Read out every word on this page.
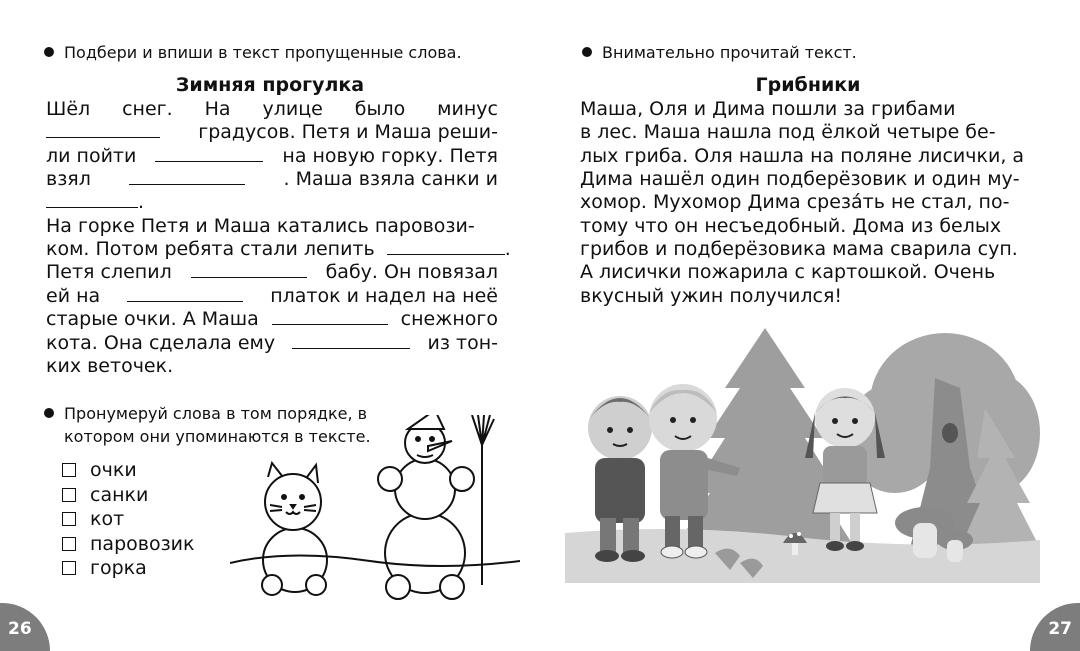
Подбери и впиши в текст пропущенные слова.
Зимняя прогулка
Шёл снег. На улице было минус
градусов. Петя и Маша реши-
ли пойти	на новую горку. Петя
взял	. Маша взяла санки и
.
На горке Петя и Маша катались паровози-
ком. Потом ребята стали лепить	.
Петя слепил	бабу. Он повязал
ей на	платок и надел на неё
старые очки. А Маша	снежного
кота. Она сделала ему	из тон-
ких веточек.
Пронумеруй слова в том порядке, в
котором они упоминаются в тексте.
очки
санки
кот
паровозик
горка
26
Внимательно прочитай текст.
Грибники
Маша, Оля и Дима пошли за грибами
в лес. Маша нашла под ёлкой четыре бе-
лых гриба. Оля нашла на поляне лисички, а
Дима нашёл один подберёзовик и один му-
хомор. Мухомор Дима срезáть не стал, по-
тому что он несъедобный. Дома из белых
грибов и подберёзовика мама сварила суп.
А лисички пожарила с картошкой. Очень
вкусный ужин получился!
27
